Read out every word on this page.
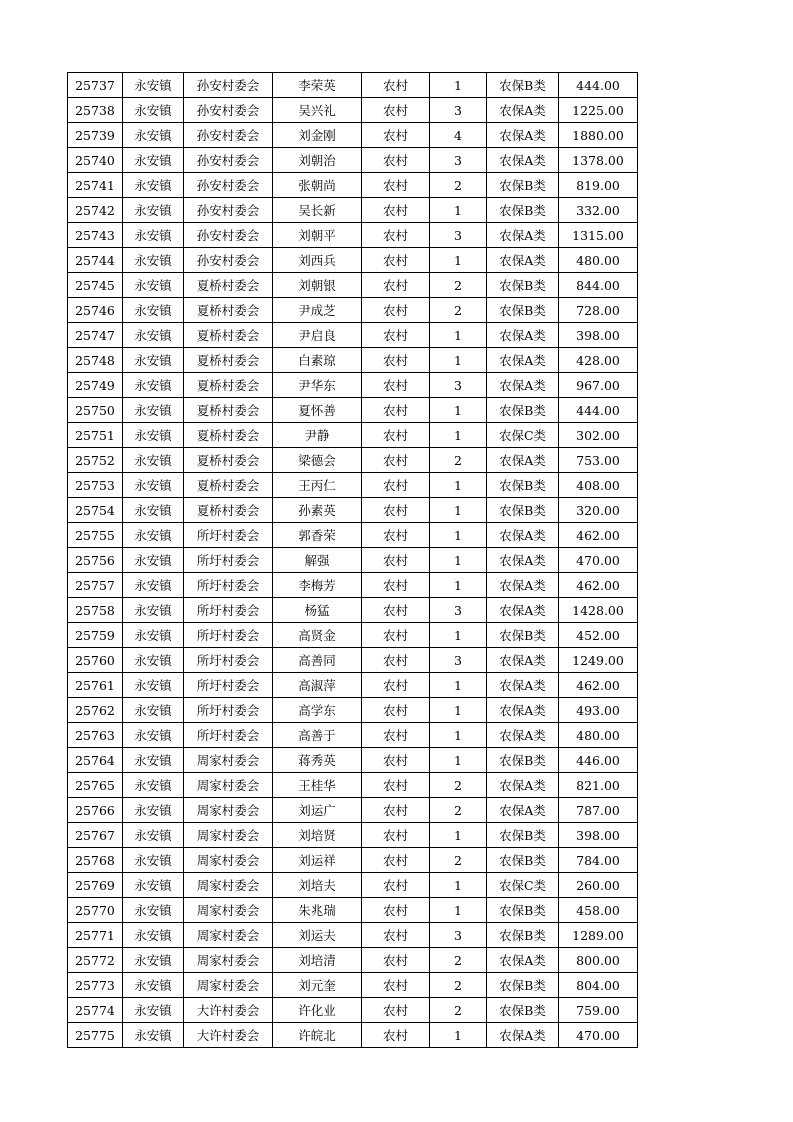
25737	永安镇	孙安村委会	李荣英	农村	1	农保B类	444.00
25738	永安镇	孙安村委会	吴兴礼	农村	3	农保A类	1225.00
25739	永安镇	孙安村委会	刘金刚	农村	4	农保A类	1880.00
25740	永安镇	孙安村委会	刘朝治	农村	3	农保A类	1378.00
25741	永安镇	孙安村委会	张朝尚	农村	2	农保B类	819.00
25742	永安镇	孙安村委会	吴长新	农村	1	农保B类	332.00
25743	永安镇	孙安村委会	刘朝平	农村	3	农保A类	1315.00
25744	永安镇	孙安村委会	刘西兵	农村	1	农保A类	480.00
25745	永安镇	夏桥村委会	刘朝银	农村	2	农保B类	844.00
25746	永安镇	夏桥村委会	尹成芝	农村	2	农保B类	728.00
25747	永安镇	夏桥村委会	尹启良	农村	1	农保A类	398.00
25748	永安镇	夏桥村委会	白素琼	农村	1	农保A类	428.00
25749	永安镇	夏桥村委会	尹华东	农村	3	农保A类	967.00
25750	永安镇	夏桥村委会	夏怀善	农村	1	农保B类	444.00
25751	永安镇	夏桥村委会	尹静	农村	1	农保C类	302.00
25752	永安镇	夏桥村委会	梁德会	农村	2	农保A类	753.00
25753	永安镇	夏桥村委会	王丙仁	农村	1	农保B类	408.00
25754	永安镇	夏桥村委会	孙素英	农村	1	农保B类	320.00
25755	永安镇	所圩村委会	郭香荣	农村	1	农保A类	462.00
25756	永安镇	所圩村委会	解强	农村	1	农保A类	470.00
25757	永安镇	所圩村委会	李梅芳	农村	1	农保A类	462.00
25758	永安镇	所圩村委会	杨猛	农村	3	农保A类	1428.00
25759	永安镇	所圩村委会	高贤金	农村	1	农保B类	452.00
25760	永安镇	所圩村委会	高善同	农村	3	农保A类	1249.00
25761	永安镇	所圩村委会	高淑萍	农村	1	农保A类	462.00
25762	永安镇	所圩村委会	高学东	农村	1	农保A类	493.00
25763	永安镇	所圩村委会	高善于	农村	1	农保A类	480.00
25764	永安镇	周家村委会	蒋秀英	农村	1	农保B类	446.00
25765	永安镇	周家村委会	王桂华	农村	2	农保A类	821.00
25766	永安镇	周家村委会	刘运广	农村	2	农保A类	787.00
25767	永安镇	周家村委会	刘培贤	农村	1	农保B类	398.00
25768	永安镇	周家村委会	刘运祥	农村	2	农保B类	784.00
25769	永安镇	周家村委会	刘培夫	农村	1	农保C类	260.00
25770	永安镇	周家村委会	朱兆瑞	农村	1	农保B类	458.00
25771	永安镇	周家村委会	刘运夫	农村	3	农保B类	1289.00
25772	永安镇	周家村委会	刘培清	农村	2	农保A类	800.00
25773	永安镇	周家村委会	刘元奎	农村	2	农保B类	804.00
25774	永安镇	大许村委会	许化业	农村	2	农保B类	759.00
25775	永安镇	大许村委会	许皖北	农村	1	农保A类	470.00
